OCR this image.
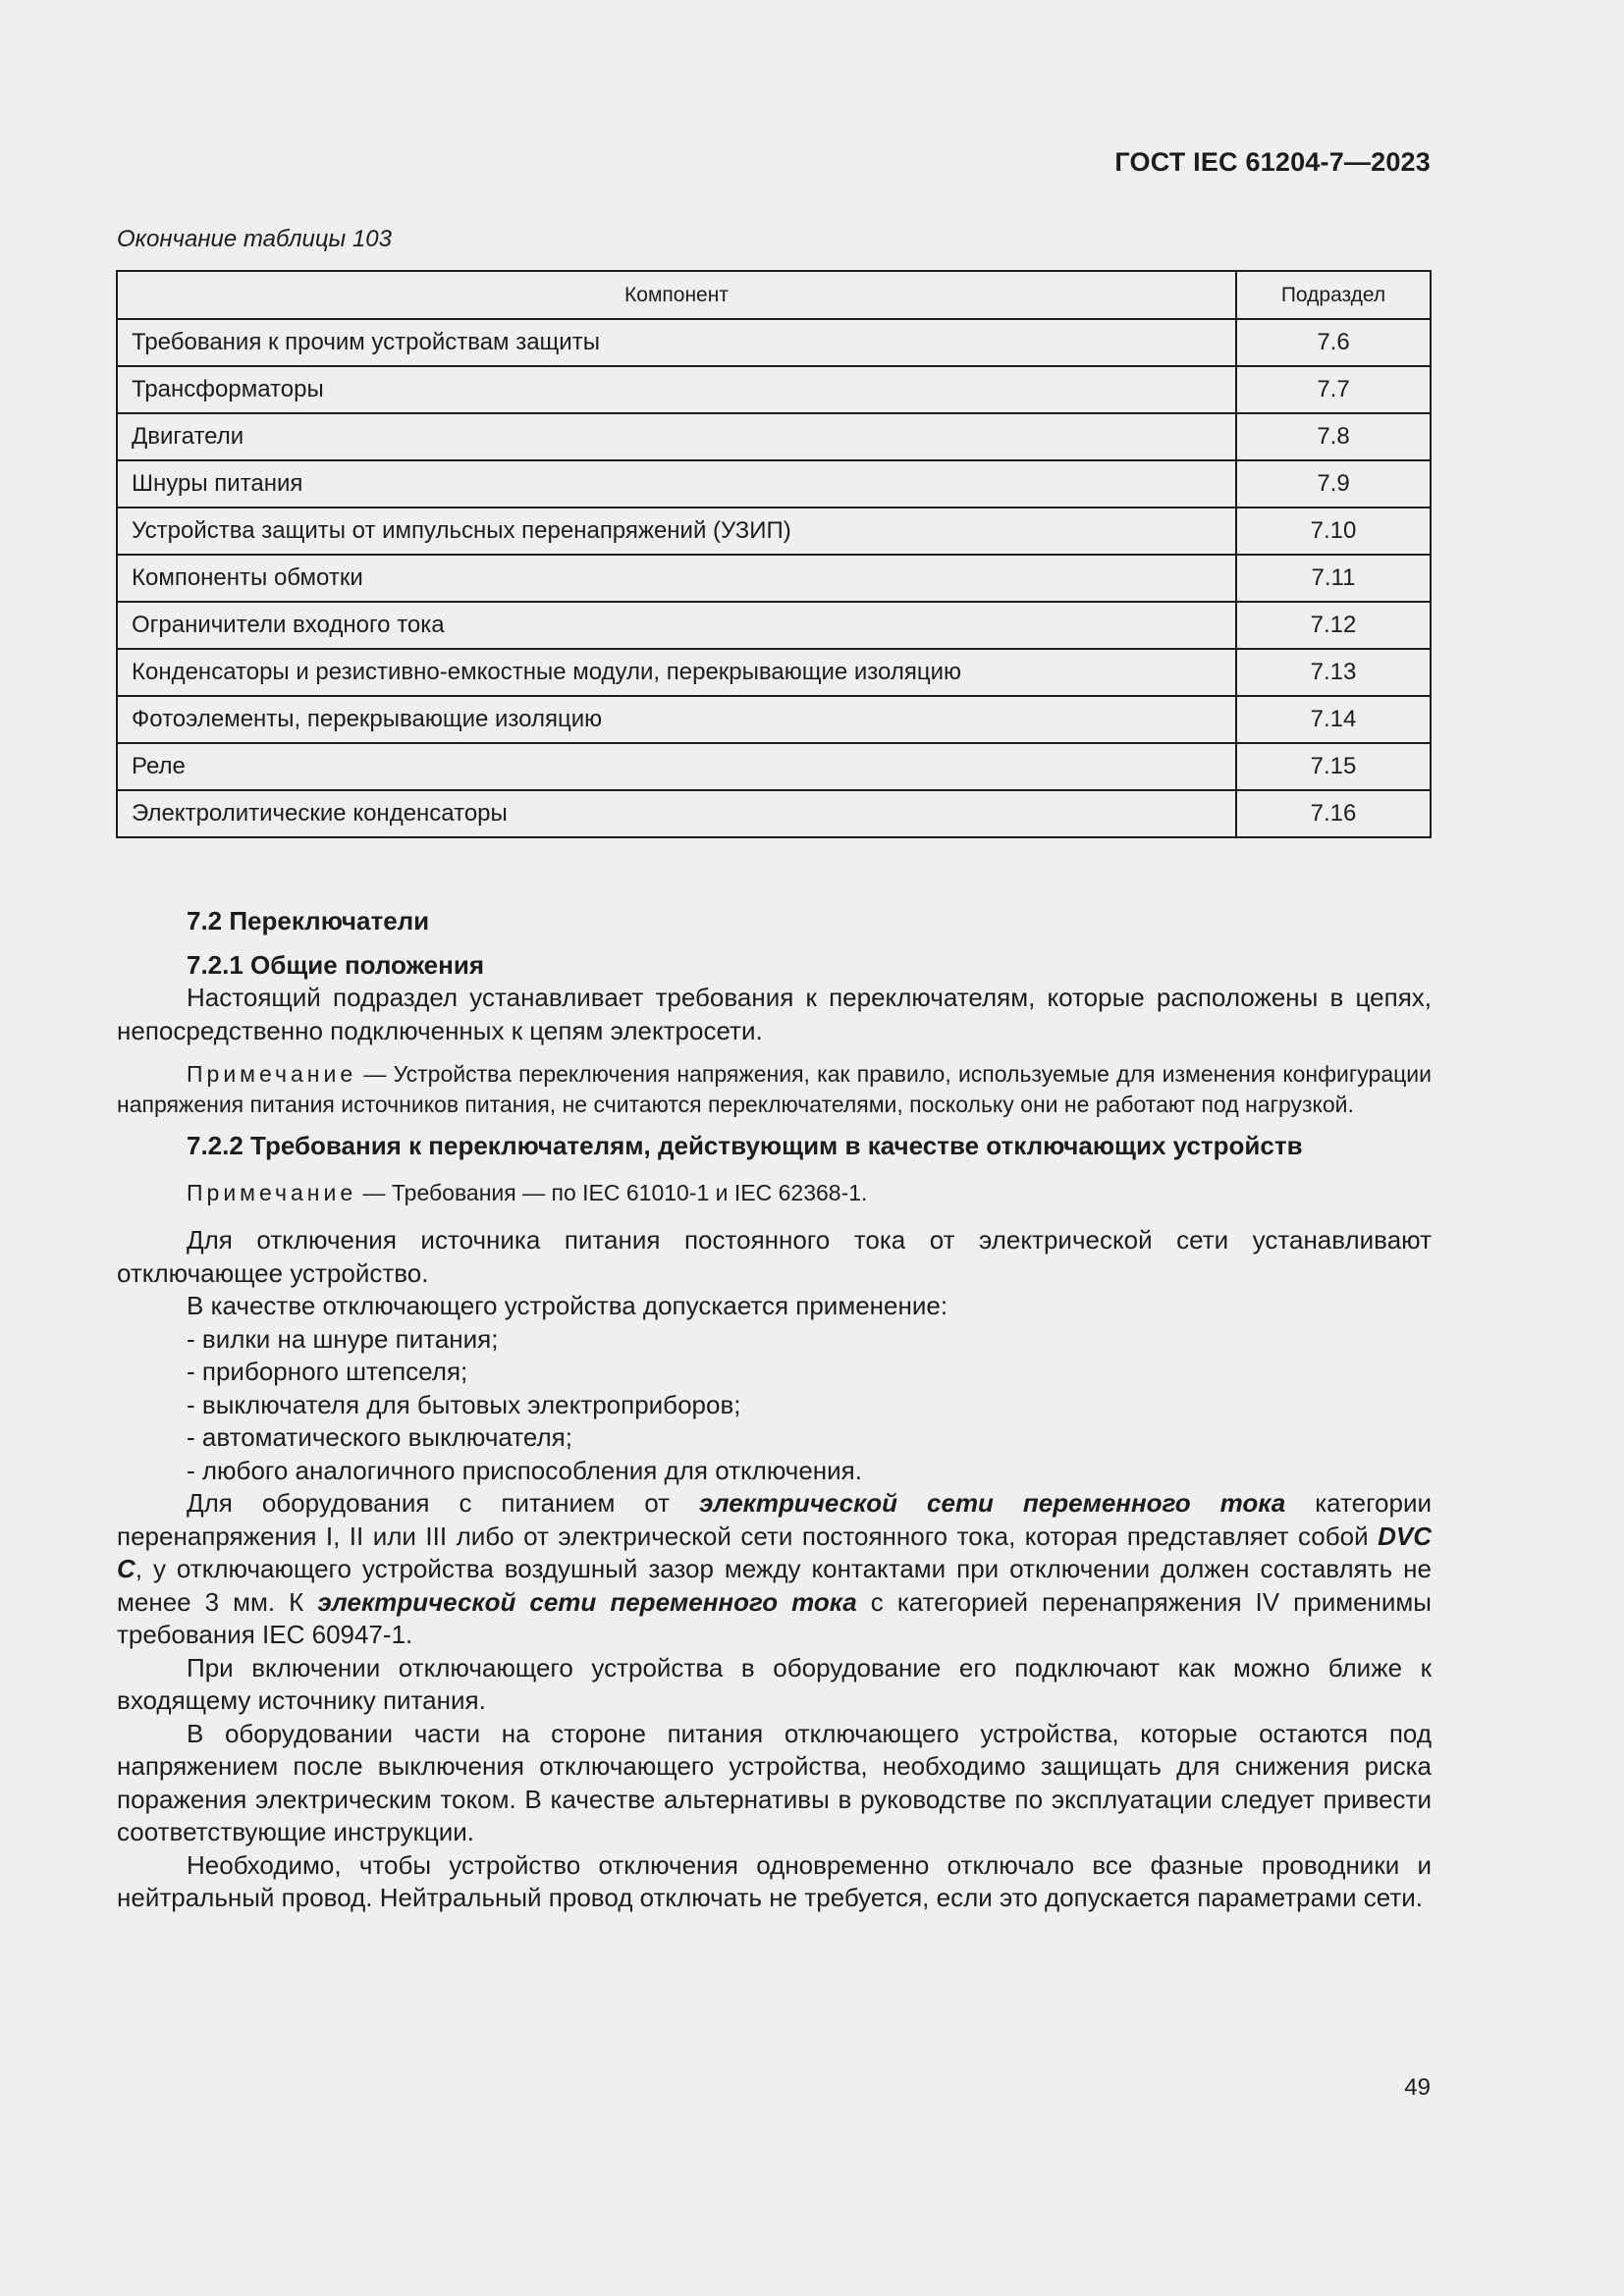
ГОСТ IEC 61204-7—2023
Окончание таблицы 103
Компонент	Подраздел
Требования к прочим устройствам защиты	7.6
Трансформаторы	7.7
Двигатели	7.8
Шнуры питания	7.9
Устройства защиты от импульсных перенапряжений (УЗИП)	7.10
Компоненты обмотки	7.11
Ограничители входного тока	7.12
Конденсаторы и резистивно-емкостные модули, перекрывающие изоляцию	7.13
Фотоэлементы, перекрывающие изоляцию	7.14
Реле	7.15
Электролитические конденсаторы	7.16
7.2 Переключатели
7.2.1 Общие положения

Настоящий подраздел устанавливает требования к переключателям, которые расположены в цепях, непосредственно подключенных к цепям электросети.

Примечание — Устройства переключения напряжения, как правило, используемые для изменения конфигурации напряжения питания источников питания, не считаются переключателями, поскольку они не работают под нагрузкой.
7.2.2 Требования к переключателям, действующим в качестве отключающих устройств
Примечание — Требования — по IEC 61010-1 и IEC 62368-1.

Для отключения источника питания постоянного тока от электрической сети устанавливают отключающее устройство.

В качестве отключающего устройства допускается применение:

- вилки на шнуре питания;
- приборного штепселя;
- выключателя для бытовых электроприборов;
- автоматического выключателя;
- любого аналогичного приспособления для отключения.

Для оборудования с питанием от электрической сети переменного тока категории перенапряжения I, II или III либо от электрической сети постоянного тока, которая представляет собой DVC C, у отключающего устройства воздушный зазор между контактами при отключении должен составлять не менее 3 мм. К электрической сети переменного тока с категорией перенапряжения IV применимы требования IEC 60947-1.

При включении отключающего устройства в оборудование его подключают как можно ближе к входящему источнику питания.

В оборудовании части на стороне питания отключающего устройства, которые остаются под напряжением после выключения отключающего устройства, необходимо защищать для снижения риска поражения электрическим током. В качестве альтернативы в руководстве по эксплуатации следует привести соответствующие инструкции.

Необходимо, чтобы устройство отключения одновременно отключало все фазные проводники и нейтральный провод. Нейтральный провод отключать не требуется, если это допускается параметрами сети.

49
